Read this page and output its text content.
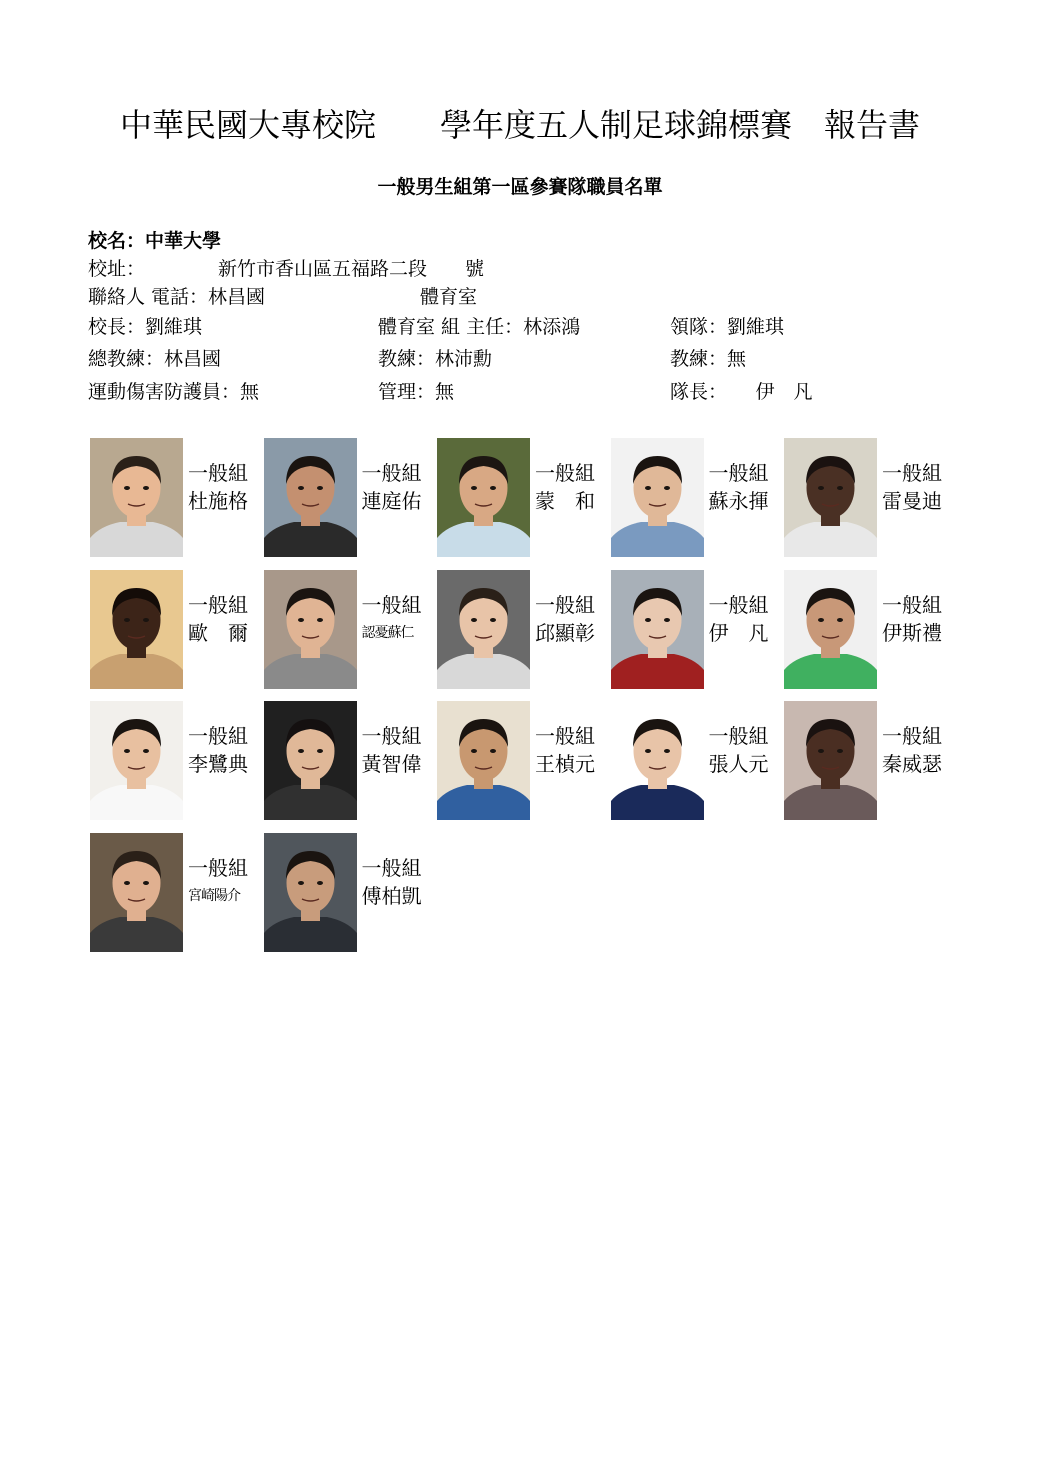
中華民國大專校院　　學年度五人制足球錦標賽　報告書
一般男生組第一區參賽隊職員名單
校名：中華大學
校址：	新竹市香山區五福路二段　　號
聯絡人 電話：林昌國	體育室
校長：劉維琪	體育室 組 主任：林添鴻	領隊：劉維琪
總教練：林昌國	教練：林沛勳	教練：無
運動傷害防護員：無	管理：無	隊長：　　伊　凡
一般組
杜施格
一般組
連庭佑
一般組
蒙　和
一般組
蘇永揮
一般組
雷曼迪
一般組
歐　爾
一般組
認憂蘇仁
一般組
邱顯彰
一般組
伊　凡
一般組
伊斯禮
一般組
李鷺典
一般組
黃智偉
一般組
王楨元
一般組
張人元
一般組
秦威瑟
一般組
宮崎陽介
一般組
傅柏凱
